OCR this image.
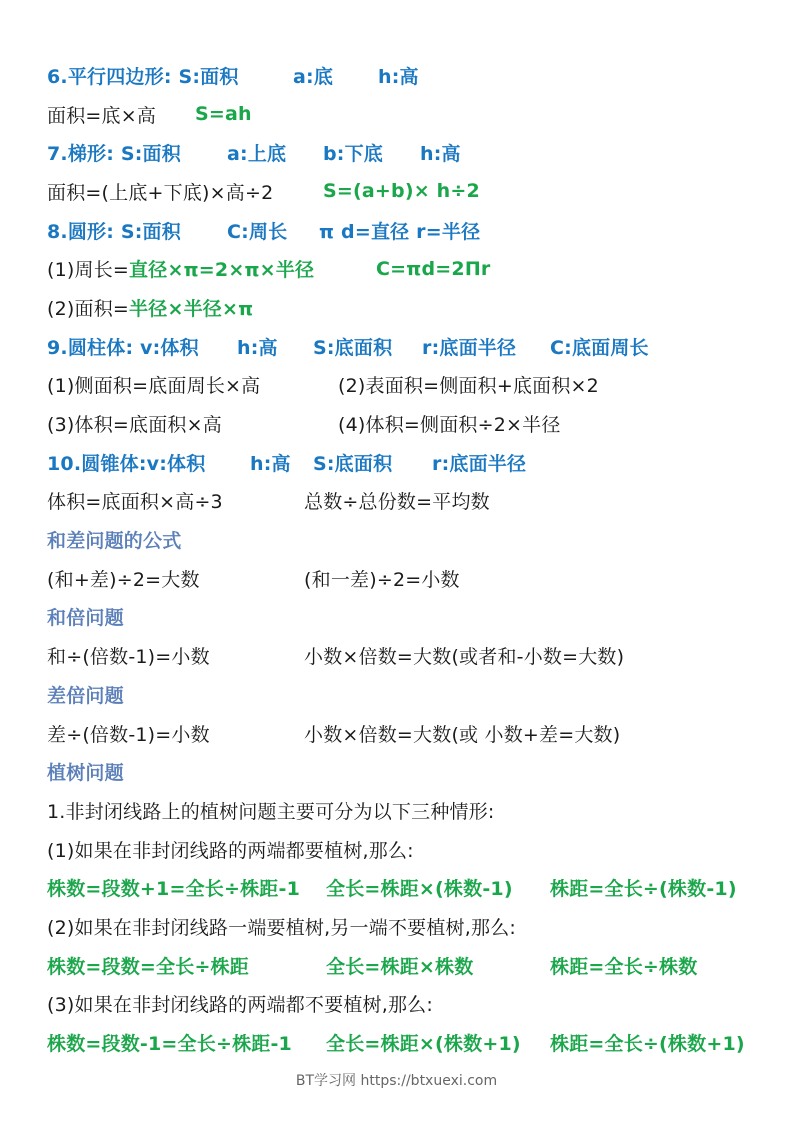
6.平行四边形: S:面积	a:底 h:高
面积=底×高 S=ah
7.梯形: S:面积 a:上底 b:下底 h:高
面积=(上底+下底)×高÷2	S=(a+b)× h÷2
8.圆形: S:面积 C:周长 π d=直径 r=半径
(1)周长= 直径×π=2×π×半径	C=πd=2Πr
(2)面积= 半径×半径×π
9.圆柱体: v:体积 h:高 S:底面积 r:底面半径 C:底面周长
(1)侧面积=底面周长×高	(2)表面积=侧面积+底面积×2
(3)体积=底面积×高	(4)体积=侧面积÷2×半径
10.圆锥体:v:体积 h:高 S:底面积 r:底面半径
体积=底面积×高÷3	总数÷总份数=平均数
和差问题的公式
(和+差)÷2=大数	(和一差)÷2=小数
和倍问题
和÷(倍数-1)=小数	小数×倍数=大数(或者和-小数=大数)
差倍问题
差÷(倍数-1)=小数	小数×倍数=大数(或 小数+差=大数)
植树问题
1.非封闭线路上的植树问题主要可分为以下三种情形:
(1)如果在非封闭线路的两端都要植树,那么:
株数=段数+1=全长÷株距-1 全长=株距×(株数-1) 株距=全长÷(株数-1)
(2)如果在非封闭线路一端要植树,另一端不要植树,那么:
株数=段数=全长÷株距	全长=株距×株数	株距=全长÷株数
(3)如果在非封闭线路的两端都不要植树,那么:
株数=段数-1=全长÷株距-1 全长=株距×(株数+1) 株距=全长÷(株数+1)
BT学习网 https://btxuexi.com
